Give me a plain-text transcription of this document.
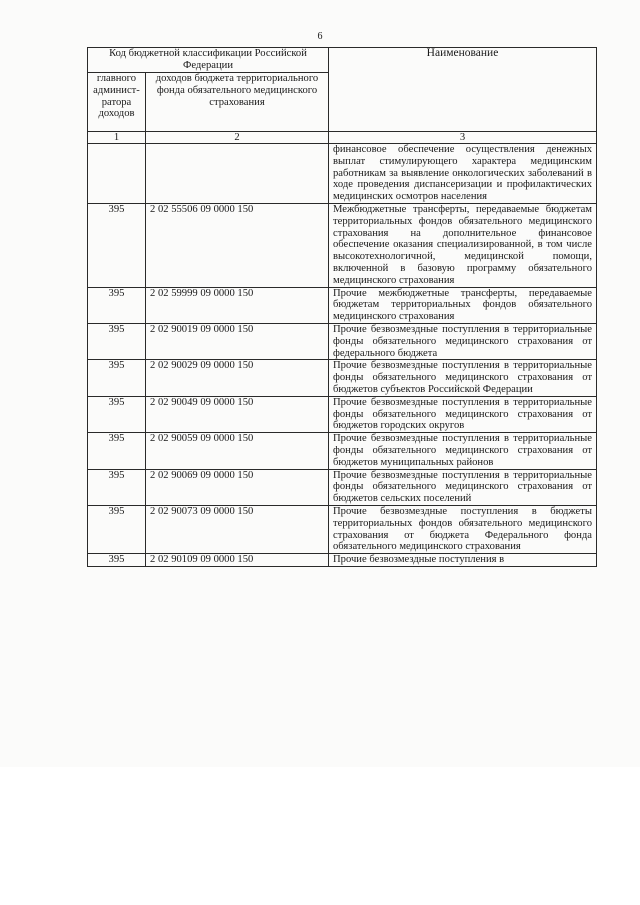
6
Код бюджетной классификации Российской Федерации		Наименование
главного админист-ратора доходов	доходов бюджета территориального фонда обязательного медицинского страхования	
1	2	3
		финансовое обеспечение осуществления денежных выплат стимулирующего характера медицинским работникам за выявление онкологических заболеваний в ходе проведения диспансеризации и профилактических медицинских осмотров населения
395	2 02 55506 09 0000 150	Межбюджетные трансферты, передаваемые бюджетам территориальных фондов обязательного медицинского страхования на дополнительное финансовое обеспечение оказания специализированной, в том числе высокотехнологичной, медицинской помощи, включенной в базовую программу обязательного медицинского страхования
395	2 02 59999 09 0000 150	Прочие межбюджетные трансферты, передаваемые бюджетам территориальных фондов обязательного медицинского страхования
395	2 02 90019 09 0000 150	Прочие безвозмездные поступления в территориальные фонды обязательного медицинского страхования от федерального бюджета
395	2 02 90029 09 0000 150	Прочие безвозмездные поступления в территориальные фонды обязательного медицинского страхования от бюджетов субъектов Российской Федерации
395	2 02 90049 09 0000 150	Прочие безвозмездные поступления в территориальные фонды обязательного медицинского страхования от бюджетов городских округов
395	2 02 90059 09 0000 150	Прочие безвозмездные поступления в территориальные фонды обязательного медицинского страхования от бюджетов муниципальных районов
395	2 02 90069 09 0000 150	Прочие безвозмездные поступления в территориальные фонды обязательного медицинского страхования от бюджетов сельских поселений
395	2 02 90073 09 0000 150	Прочие безвозмездные поступления в бюджеты территориальных фондов обязательного медицинского страхования от бюджета Федерального фонда обязательного медицинского страхования
395	2 02 90109 09 0000 150	Прочие безвозмездные поступления в
